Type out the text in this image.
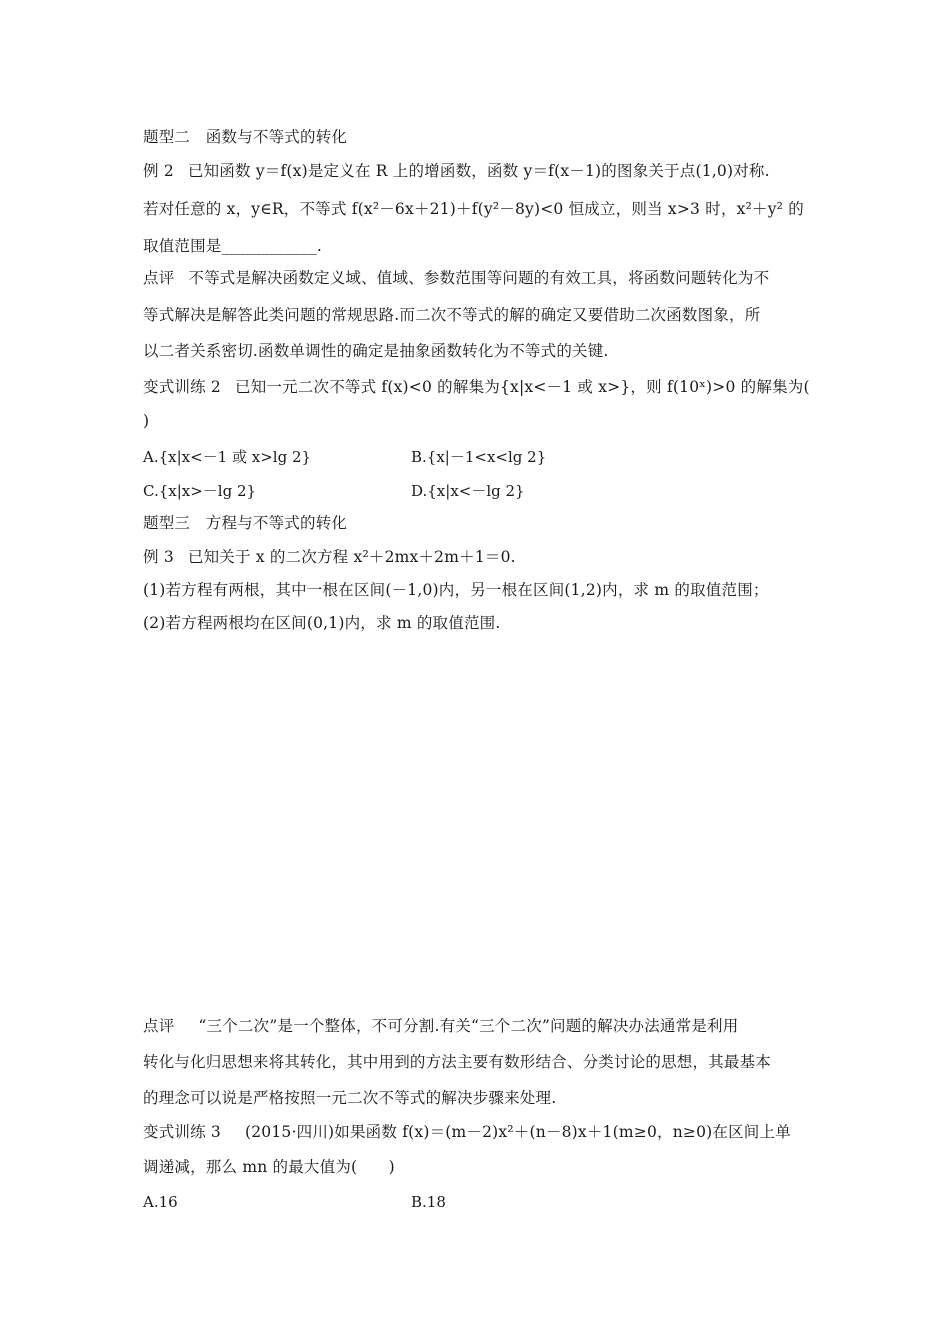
题型二　函数与不等式的转化
例 2 已知函数 y＝f(x)是定义在 R 上的增函数，函数 y＝f(x－1)的图象关于点(1,0)对称.
若对任意的 x，y∈R，不等式 f(x²－6x＋21)＋f(y²－8y)<0 恒成立，则当 x>3 时，x²＋y² 的
取值范围是____________.
点评 不等式是解决函数定义域、值域、参数范围等问题的有效工具，将函数问题转化为不
等式解决是解答此类问题的常规思路.而二次不等式的解的确定又要借助二次函数图象，所
以二者关系密切.函数单调性的确定是抽象函数转化为不等式的关键.
变式训练 2 已知一元二次不等式 f(x)<0 的解集为{x|x<－1 或 x>}，则 f(10ˣ)>0 的解集为(
)
A.{x|x<－1 或 x>lg 2}	B.{x|－1<x<lg 2}
C.{x|x>－lg 2}	D.{x|x<－lg 2}
题型三　方程与不等式的转化
例 3 已知关于 x 的二次方程 x²＋2mx＋2m＋1＝0.
(1)若方程有两根，其中一根在区间(－1,0)内，另一根在区间(1,2)内，求 m 的取值范围；
(2)若方程两根均在区间(0,1)内，求 m 的取值范围.
点评 “三个二次”是一个整体，不可分割.有关“三个二次”问题的解决办法通常是利用
转化与化归思想来将其转化，其中用到的方法主要有数形结合、分类讨论的思想，其最基本
的理念可以说是严格按照一元二次不等式的解决步骤来处理.
变式训练 3 (2015·四川)如果函数 f(x)＝(m－2)x²＋(n－8)x＋1(m≥0，n≥0)在区间上单
调递减，那么 mn 的最大值为(　　)
A.16	B.18
